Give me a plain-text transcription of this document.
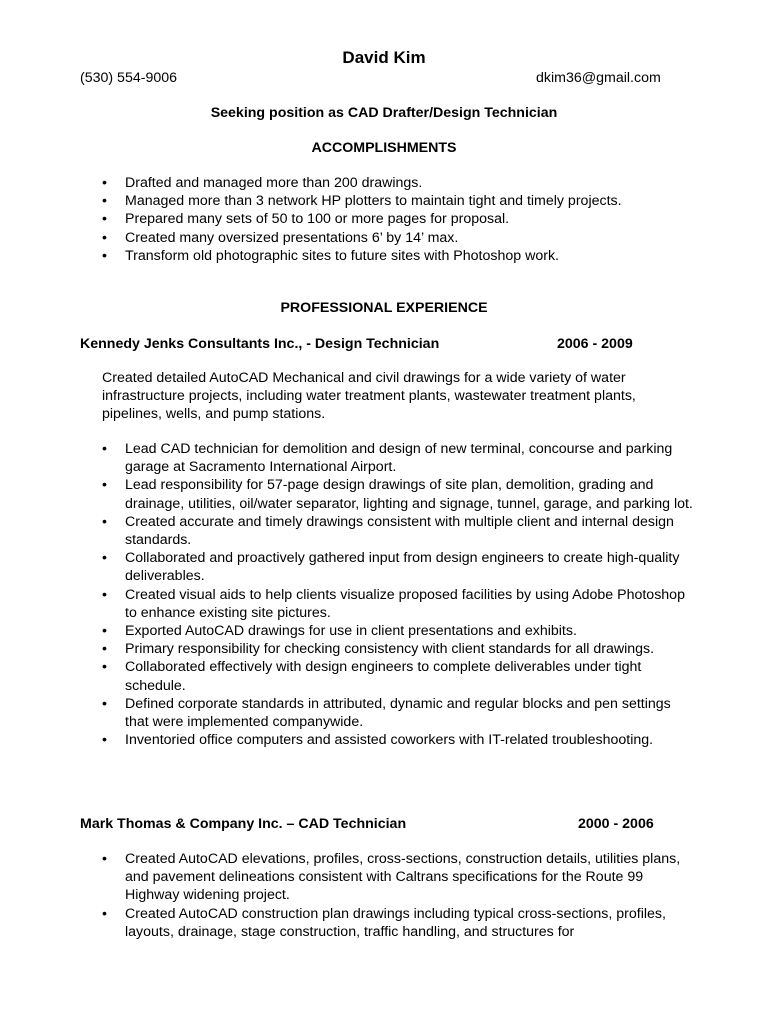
David Kim
(530) 554-9006	dkim36@gmail.com
Seeking position as CAD Drafter/Design Technician
ACCOMPLISHMENTS
• Drafted and managed more than 200 drawings.
• Managed more than 3 network HP plotters to maintain tight and timely projects.
• Prepared many sets of 50 to 100 or more pages for proposal.
• Created many oversized presentations 6’ by 14’ max.
• Transform old photographic sites to future sites with Photoshop work.
PROFESSIONAL EXPERIENCE
Kennedy Jenks Consultants Inc., - Design Technician	2006 - 2009
Created detailed AutoCAD Mechanical and civil drawings for a wide variety of water infrastructure projects, including water treatment plants, wastewater treatment plants, pipelines, wells, and pump stations.
• Lead CAD technician for demolition and design of new terminal, concourse and parking garage at Sacramento International Airport.
• Lead responsibility for 57-page design drawings of site plan, demolition, grading and drainage, utilities, oil/water separator, lighting and signage, tunnel, garage, and parking lot.
• Created accurate and timely drawings consistent with multiple client and internal design standards.
• Collaborated and proactively gathered input from design engineers to create high-quality deliverables.
• Created visual aids to help clients visualize proposed facilities by using Adobe Photoshop to enhance existing site pictures.
• Exported AutoCAD drawings for use in client presentations and exhibits.
• Primary responsibility for checking consistency with client standards for all drawings.
• Collaborated effectively with design engineers to complete deliverables under tight schedule.
• Defined corporate standards in attributed, dynamic and regular blocks and pen settings that were implemented companywide.
• Inventoried office computers and assisted coworkers with IT-related troubleshooting.
Mark Thomas & Company Inc. – CAD Technician	2000 - 2006
• Created AutoCAD elevations, profiles, cross-sections, construction details, utilities plans, and pavement delineations consistent with Caltrans specifications for the Route 99 Highway widening project.
• Created AutoCAD construction plan drawings including typical cross-sections, profiles, layouts, drainage, stage construction, traffic handling, and structures for
